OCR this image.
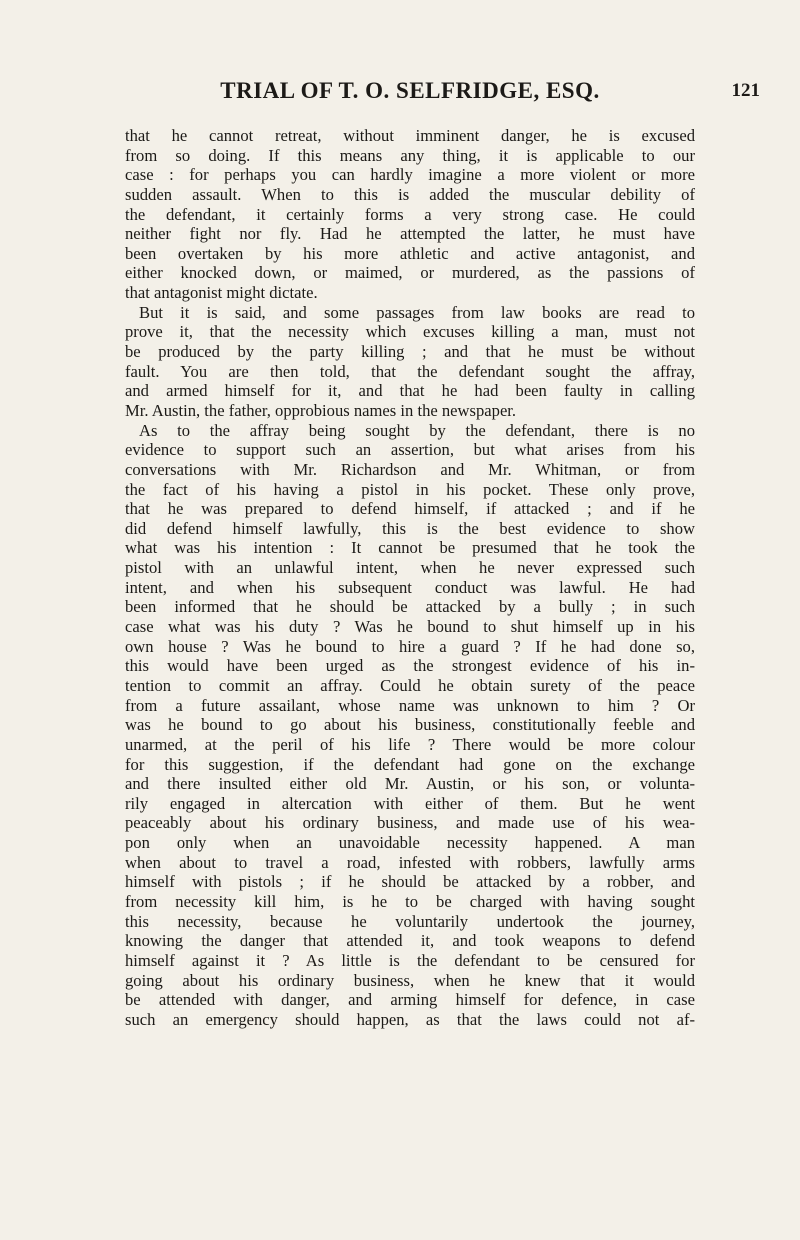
TRIAL OF T. O. SELFRIDGE, ESQ.	121
that he cannot retreat, without imminent danger, he is excused
from so doing. If this means any thing, it is applicable to our
case : for perhaps you can hardly imagine a more violent or more
sudden assault. When to this is added the muscular debility of
the defendant, it certainly forms a very strong case. He could
neither fight nor fly. Had he attempted the latter, he must have
been overtaken by his more athletic and active antagonist, and
either knocked down, or maimed, or murdered, as the passions of
that antagonist might dictate.
But it is said, and some passages from law books are read to
prove it, that the necessity which excuses killing a man, must not
be produced by the party killing ; and that he must be without
fault. You are then told, that the defendant sought the affray,
and armed himself for it, and that he had been faulty in calling
Mr. Austin, the father, opprobious names in the newspaper.
As to the affray being sought by the defendant, there is no
evidence to support such an assertion, but what arises from his
conversations with Mr. Richardson and Mr. Whitman, or from
the fact of his having a pistol in his pocket. These only prove,
that he was prepared to defend himself, if attacked ; and if he
did defend himself lawfully, this is the best evidence to show
what was his intention : It cannot be presumed that he took the
pistol with an unlawful intent, when he never expressed such
intent, and when his subsequent conduct was lawful. He had
been informed that he should be attacked by a bully ; in such
case what was his duty ? Was he bound to shut himself up in his
own house ? Was he bound to hire a guard ? If he had done so,
this would have been urged as the strongest evidence of his in-
tention to commit an affray. Could he obtain surety of the peace
from a future assailant, whose name was unknown to him ? Or
was he bound to go about his business, constitutionally feeble and
unarmed, at the peril of his life ? There would be more colour
for this suggestion, if the defendant had gone on the exchange
and there insulted either old Mr. Austin, or his son, or volunta-
rily engaged in altercation with either of them. But he went
peaceably about his ordinary business, and made use of his wea-
pon only when an unavoidable necessity happened. A man
when about to travel a road, infested with robbers, lawfully arms
himself with pistols ; if he should be attacked by a robber, and
from necessity kill him, is he to be charged with having sought
this necessity, because he voluntarily undertook the journey,
knowing the danger that attended it, and took weapons to defend
himself against it ? As little is the defendant to be censured for
going about his ordinary business, when he knew that it would
be attended with danger, and arming himself for defence, in case
such an emergency should happen, as that the laws could not af-
